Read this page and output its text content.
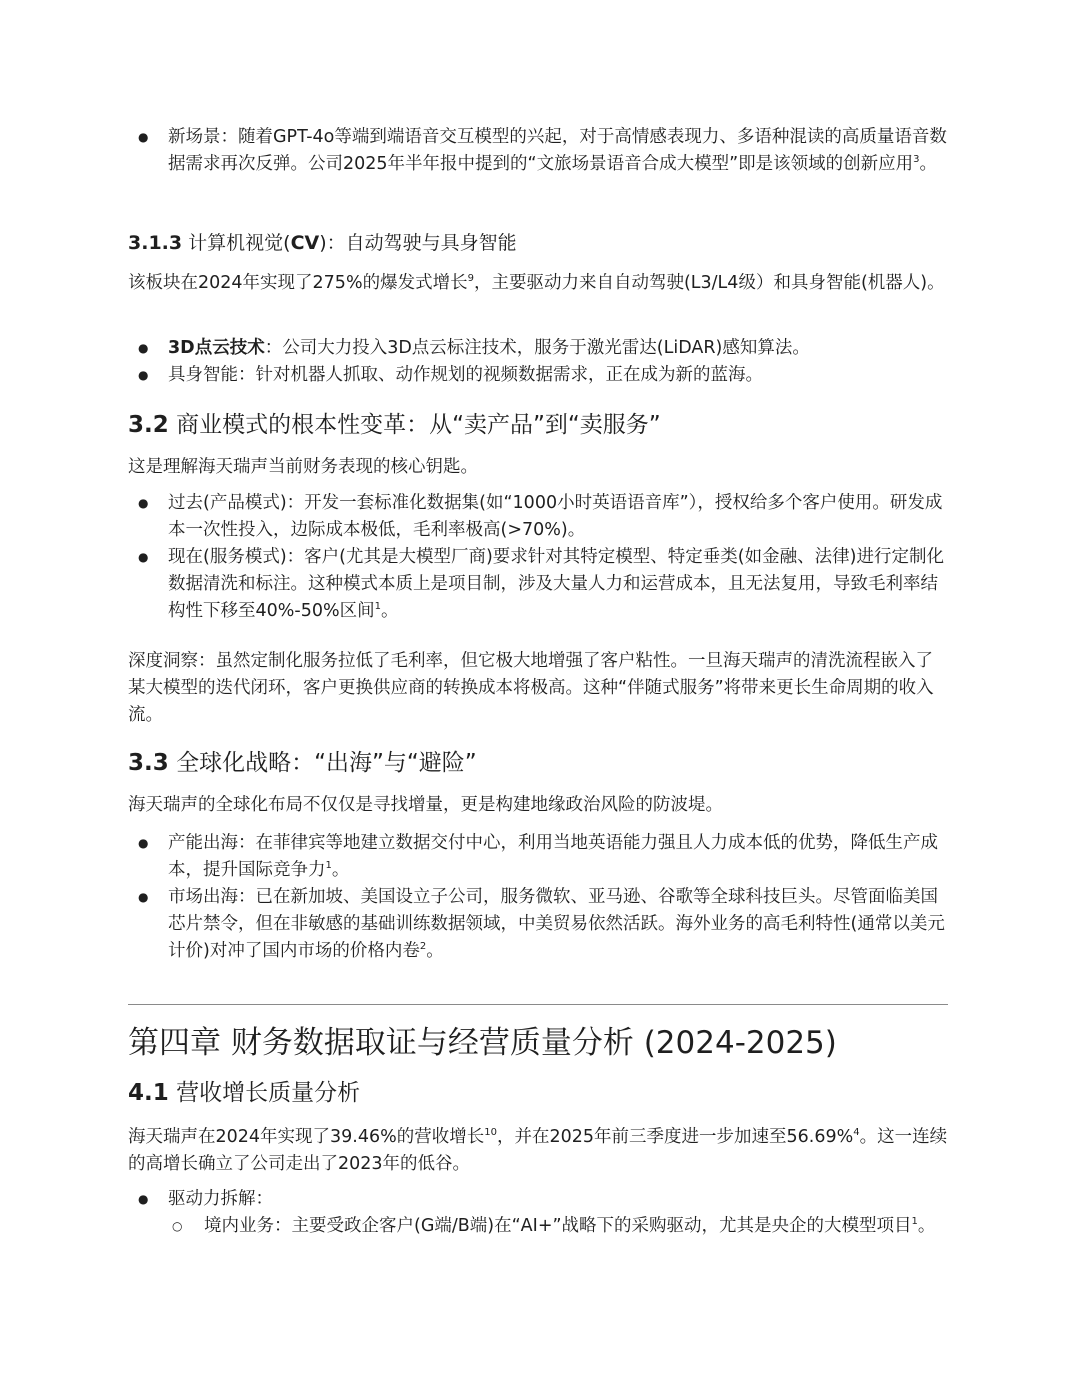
● 新场景：随着GPT-4o等端到端语音交互模型的兴起，对于高情感表现力、多语种混读的高质量语音数据需求再次反弹。公司2025年半年报中提到的“文旅场景语音合成大模型”即是该领域的创新应用$^3$。

3.1.3 计算机视觉(CV)：自动驾驶与具身智能

该板块在2024年实现了275%的爆发式增长$^9$，主要驱动力来自自动驾驶(L3/L4级）和具身智能(机器人)。

● 3D点云技术：公司大力投入3D点云标注技术，服务于激光雷达(LiDAR)感知算法。

● 具身智能：针对机器人抓取、动作规划的视频数据需求，正在成为新的蓝海。

3.2 商业模式的根本性变革：从“卖产品”到“卖服务”

这是理解海天瑞声当前财务表现的核心钥匙。

● 过去(产品模式)：开发一套标准化数据集(如“1000小时英语语音库”），授权给多个客户使用。研发成本一次性投入，边际成本极低，毛利率极高(>70%)。

● 现在(服务模式)：客户(尤其是大模型厂商)要求针对其特定模型、特定垂类(如金融、法律)进行定制化数据清洗和标注。这种模式本质上是项目制，涉及大量人力和运营成本，且无法复用，导致毛利率结构性下移至40%-50%区间$^1$。

深度洞察：虽然定制化服务拉低了毛利率，但它极大地增强了客户粘性。一旦海天瑞声的清洗流程嵌入了某大模型的迭代闭环，客户更换供应商的转换成本将极高。这种“伴随式服务”将带来更长生命周期的收入流。

3.3 全球化战略：“出海”与“避险”

海天瑞声的全球化布局不仅仅是寻找增量，更是构建地缘政治风险的防波堤。

● 产能出海：在菲律宾等地建立数据交付中心，利用当地英语能力强且人力成本低的优势，降低生产成本，提升国际竞争力$^1$。

● 市场出海：已在新加坡、美国设立子公司，服务微软、亚马逊、谷歌等全球科技巨头。尽管面临美国芯片禁令，但在非敏感的基础训练数据领域，中美贸易依然活跃。海外业务的高毛利特性(通常以美元计价)对冲了国内市场的价格内卷$^2$。

第四章 财务数据取证与经营质量分析 (2024-2025)

4.1 营收增长质量分析

海天瑞声在2024年实现了39.46%的营收增长$^{10}$，并在2025年前三季度进一步加速至56.69%$^4$。这一连续的高增长确立了公司走出了2023年的低谷。

● 驱动力拆解：

○ 境内业务：主要受政企客户(G端/B端)在“AI+”战略下的采购驱动，尤其是央企的大模型项目$^1$。
